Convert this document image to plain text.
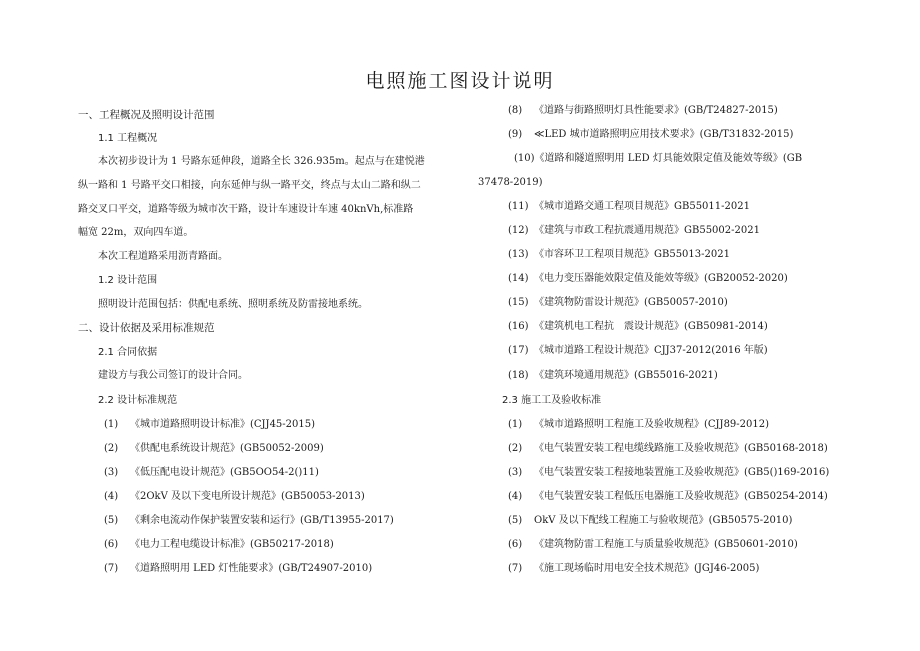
电照施工图设计说明
一、工程概况及照明设计范围
1.1 工程概况
本次初步设计为 1 号路东延伸段，道路全长 326.935m。起点与在建悦港
纵一路和 1 号路平交口相接，向东延伸与纵一路平交，终点与太山二路和纵二
路交叉口平交，道路等级为城市次干路，设计车速设计车速 40knVh,标准路
幅宽 22m，双向四车道。
本次工程道路采用沥青路面。
1.2 设计范围
照明设计范围包括：供配电系统、照明系统及防雷接地系统。
二、设计依据及采用标准规范
2.1 合同依据
建设方与我公司签订的设计合同。
2.2 设计标准规范
(1) 《城市道路照明设计标准》(CJJ45-2015)
(2) 《供配电系统设计规范》(GB50052-2009)
(3) 《低压配电设计规范》(GB5OO54-2()11)
(4) 《2OkV 及以下变电所设计规范》(GB50053-2013)
(5) 《剩余电流动作保护装置安装和运行》(GB/T13955-2017)
(6) 《电力工程电缆设计标准》(GB50217-2018)
(7) 《道路照明用 LED 灯性能要求》(GB/T24907-2010)
(8) 《道路与街路照明灯具性能要求》(GB/T24827-2015)
(9) ≪LED 城市道路照明应用技术要求》(GB/T31832-2015)
(10)《道路和隧道照明用 LED 灯具能效限定值及能效等级》(GB
37478-2019)
(11) 《城市道路交通工程项目规范》GB55011-2021
(12) 《建筑与市政工程抗震通用规范》GB55002-2021
(13) 《市容环卫工程项目规范》GB55013-2021
(14) 《电力变压器能效限定值及能效等级》(GB20052-2020)
(15) 《建筑物防雷设计规范》(GB50057-2010)
(16) 《建筑机电工程抗　震设计规范》(GB50981-2014)
(17) 《城市道路工程设计规范》CJJ37-2012(2016 年版)
(18) 《建筑环境通用规范》(GB55016-2021)
2.3 施工工及验收标准
(1) 《城市道路照明工程施工及验收规程》(CJJ89-2012)
(2) 《电气装置安装工程电缆线路施工及验收规范》(GB50168-2018)
(3) 《电气装置安装工程接地装置施工及验收规范》(GB5()169-2016)
(4) 《电气装置安装工程低压电器施工及验收规范》(GB50254-2014)
(5) OkV 及以下配线工程施工与验收规范》(GB50575-2010)
(6) 《建筑物防雷工程施工与质量验收规范》(GB50601-2010)
(7) 《施工现场临时用电安全技术规范》(JGJ46-2005)
